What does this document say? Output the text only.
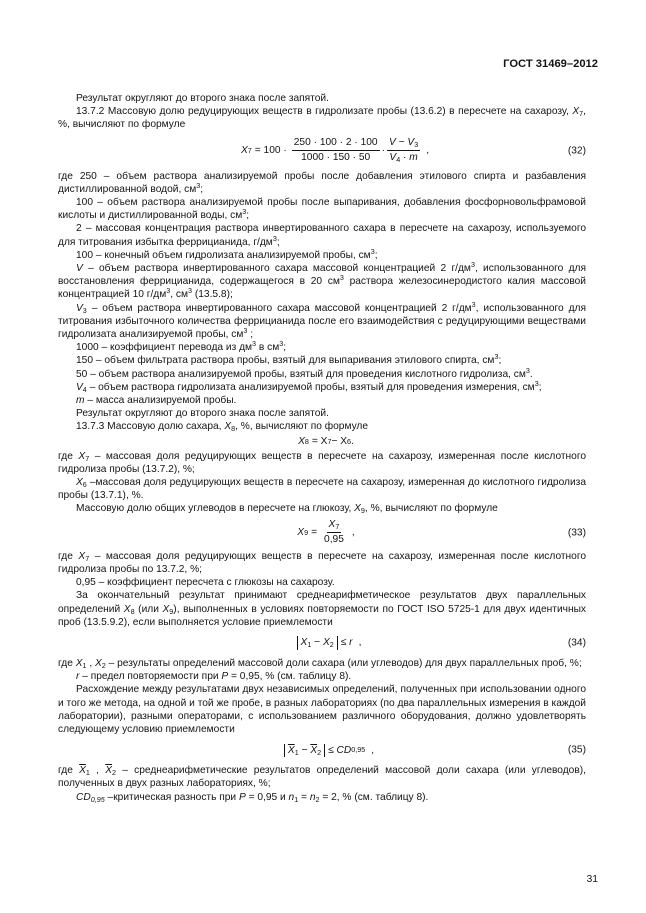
ГОСТ 31469–2012

Результат округляют до второго знака после запятой.

13.7.2 Массовую долю редуцирующих веществ в гидролизате пробы (13.6.2) в пересчете на сахарозу, $X_7$, %, вычисляют по формуле

X $7 = 100 \cdot \frac{250 \cdot 100 \cdot 2 \cdot 100}{1000 \cdot 150 \cdot 50} \cdot \frac{V - V_3}{V_4 \cdot m}$ ,	(32)

где 250 – объем раствора анализируемой пробы после добавления этилового спирта и разбавления дистиллированной водой, $см^3$;

100 – объем раствора анализируемой пробы после выпаривания, добавления фосфорновольфрамовой кислоты и дистиллированной воды, $см^3$;

2 – массовая концентрация раствора инвертированного сахара в пересчете на сахарозу, используемого для титрования избытка феррицианида, $г/дм^3$;

100 – конечный объем гидролизата анализируемой пробы, $см^3$;

V – объем раствора инвертированного сахара массовой концентрацией 2 $г/дм^3$, использованного для восстановления феррицианида, содержащегося в 20 $см^3$ раствора железосинеродистого калия массовой концентрацией 10 $г/дм^3$, $см^3$ (13.5.8);

$V_3$ – объем раствора инвертированного сахара массовой концентрацией 2 $г/дм^3$, использованного для титрования избыточного количества феррицианида после его взаимодействия с редуцирующими веществами гидролизата анализируемой пробы, $см^3$ ;

1000 – коэффициент перевода из $дм^3$ в $см^3$;

150 – объем фильтрата раствора пробы, взятый для выпаривания этилового спирта, $см^3$;

50 – объем раствора анализируемой пробы, взятый для проведения кислотного гидролиза, $см^3$.

$V_4$ – объем раствора гидролизата анализируемой пробы, взятый для проведения измерения, $см^3$;

m – масса анализируемой пробы.

Результат округляют до второго знака после запятой.

13.7.3 Массовую долю сахара, $X_8$, %, вычисляют по формуле

X 8 = X 7 − X 6 .

где $X_7$ – массовая доля редуцирующих веществ в пересчете на сахарозу, измеренная после кислотного гидролиза пробы (13.7.2), %;

$X_6$ –массовая доля редуцирующих веществ в пересчете на сахарозу, измеренная до кислотного гидролиза пробы (13.7.1), %.

Массовую долю общих углеводов в пересчете на глюкозу, $X_9$, %, вычисляют по формуле

X $9 = \frac{X_7}{0,95}$ ,	(33)

где $X_7$ – массовая доля редуцирующих веществ в пересчете на сахарозу, измеренная после кислотного гидролиза пробы по 13.7.2, %;

0,95 – коэффициент пересчета с глюкозы на сахарозу.

За окончательный результат принимают среднеарифметическое результатов двух параллельных определений $X_8$ (или $X_9$), выполненных в условиях повторяемости по ГОСТ ISO 5725-1 для двух идентичных проб (13.5.9.2), если выполняется условие приемлемости

$X_1 - X_2 \le r$ ,	(34)

где $X_1$ , $X_2$ – результаты определений массовой доли сахара (или углеводов) для двух параллельных проб, %;

r – предел повторяемости при P = 0,95, % (см. таблицу 8).

Расхождение между результатами двух независимых определений, полученных при использовании одного и того же метода, на одной и той же пробе, в разных лабораториях (по два параллельных измерения в каждой лаборатории), разными операторами, с использованием различного оборудования, должно удовлетворять следующему условию приемлемости

$\overline{X}_1 - \overline{X}_2$ ≤ CD 0,95 ,	(35)

где $\overline{X}_1$ , $\overline{X}_2$ – среднеарифметические результатов определений массовой доли сахара (или углеводов), полученных в двух разных лабораториях, %;

$CD_{0,95}$ –критическая разность при P = 0,95 и $n_1 = n_2 = 2$, % (см. таблицу 8).

31
